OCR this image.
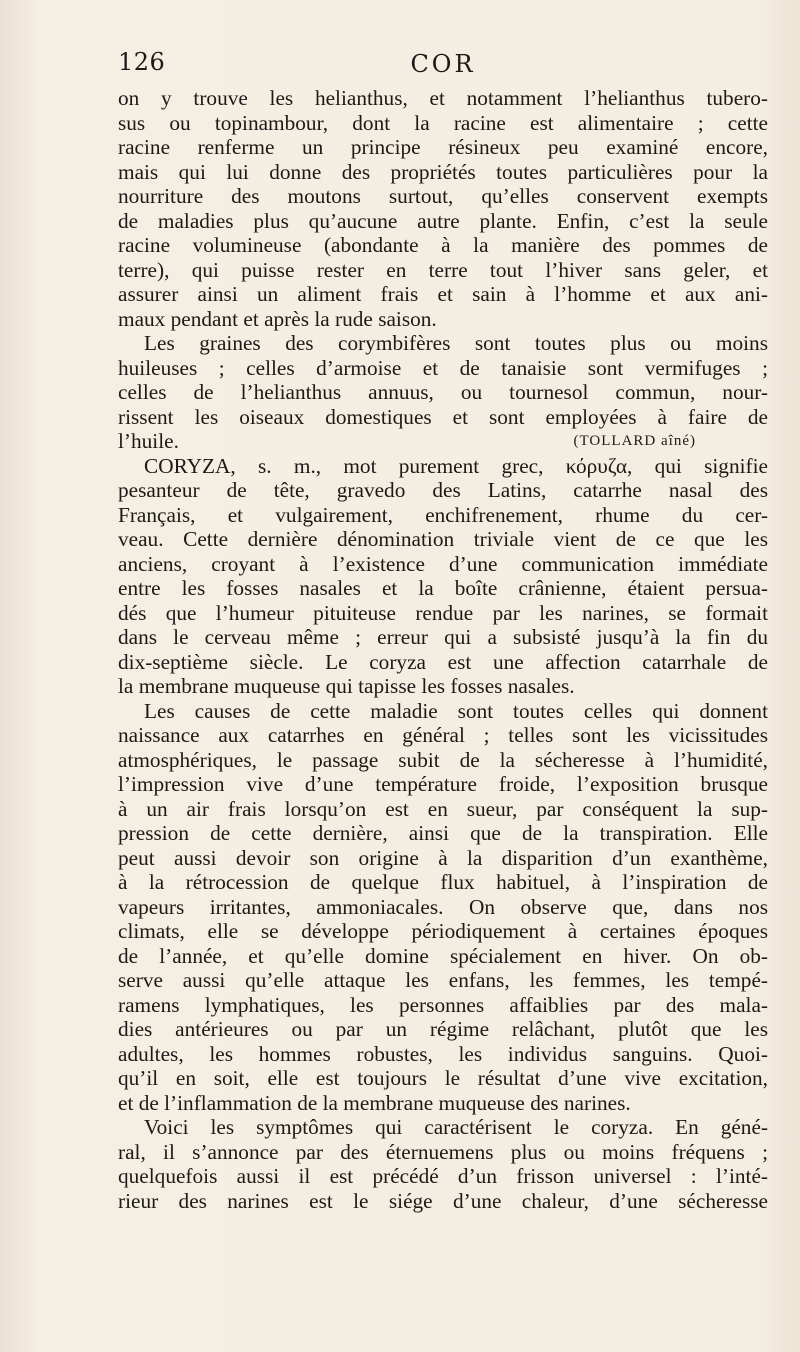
126	COR
on y trouve les helianthus, et notamment l’helianthus tubero-
sus ou topinambour, dont la racine est alimentaire ; cette
racine renferme un principe résineux peu examiné encore,
mais qui lui donne des propriétés toutes particulières pour la
nourriture des moutons surtout, qu’elles conservent exempts
de maladies plus qu’aucune autre plante. Enfin, c’est la seule
racine volumineuse (abondante à la manière des pommes de
terre), qui puisse rester en terre tout l’hiver sans geler, et
assurer ainsi un aliment frais et sain à l’homme et aux ani-
maux pendant et après la rude saison.
Les graines des corymbifères sont toutes plus ou moins
huileuses ; celles d’armoise et de tanaisie sont vermifuges ;
celles de l’helianthus annuus, ou tournesol commun, nour-
rissent les oiseaux domestiques et sont employées à faire de
l’huile.	(TOLLARD aîné)
CORYZA, s. m., mot purement grec, κόρυζα, qui signifie
pesanteur de tête, gravedo des Latins, catarrhe nasal des
Français, et vulgairement, enchifrenement, rhume du cer-
veau. Cette dernière dénomination triviale vient de ce que les
anciens, croyant à l’existence d’une communication immédiate
entre les fosses nasales et la boîte crânienne, étaient persua-
dés que l’humeur pituiteuse rendue par les narines, se formait
dans le cerveau même ; erreur qui a subsisté jusqu’à la fin du
dix-septième siècle. Le coryza est une affection catarrhale de
la membrane muqueuse qui tapisse les fosses nasales.
Les causes de cette maladie sont toutes celles qui donnent
naissance aux catarrhes en général ; telles sont les vicissitudes
atmosphériques, le passage subit de la sécheresse à l’humidité,
l’impression vive d’une température froide, l’exposition brusque
à un air frais lorsqu’on est en sueur, par conséquent la sup-
pression de cette dernière, ainsi que de la transpiration. Elle
peut aussi devoir son origine à la disparition d’un exanthème,
à la rétrocession de quelque flux habituel, à l’inspiration de
vapeurs irritantes, ammoniacales. On observe que, dans nos
climats, elle se développe périodiquement à certaines époques
de l’année, et qu’elle domine spécialement en hiver. On ob-
serve aussi qu’elle attaque les enfans, les femmes, les tempé-
ramens lymphatiques, les personnes affaiblies par des mala-
dies antérieures ou par un régime relâchant, plutôt que les
adultes, les hommes robustes, les individus sanguins. Quoi-
qu’il en soit, elle est toujours le résultat d’une vive excitation,
et de l’inflammation de la membrane muqueuse des narines.
Voici les symptômes qui caractérisent le coryza. En géné-
ral, il s’annonce par des éternuemens plus ou moins fréquens ;
quelquefois aussi il est précédé d’un frisson universel : l’inté-
rieur des narines est le siége d’une chaleur, d’une sécheresse
